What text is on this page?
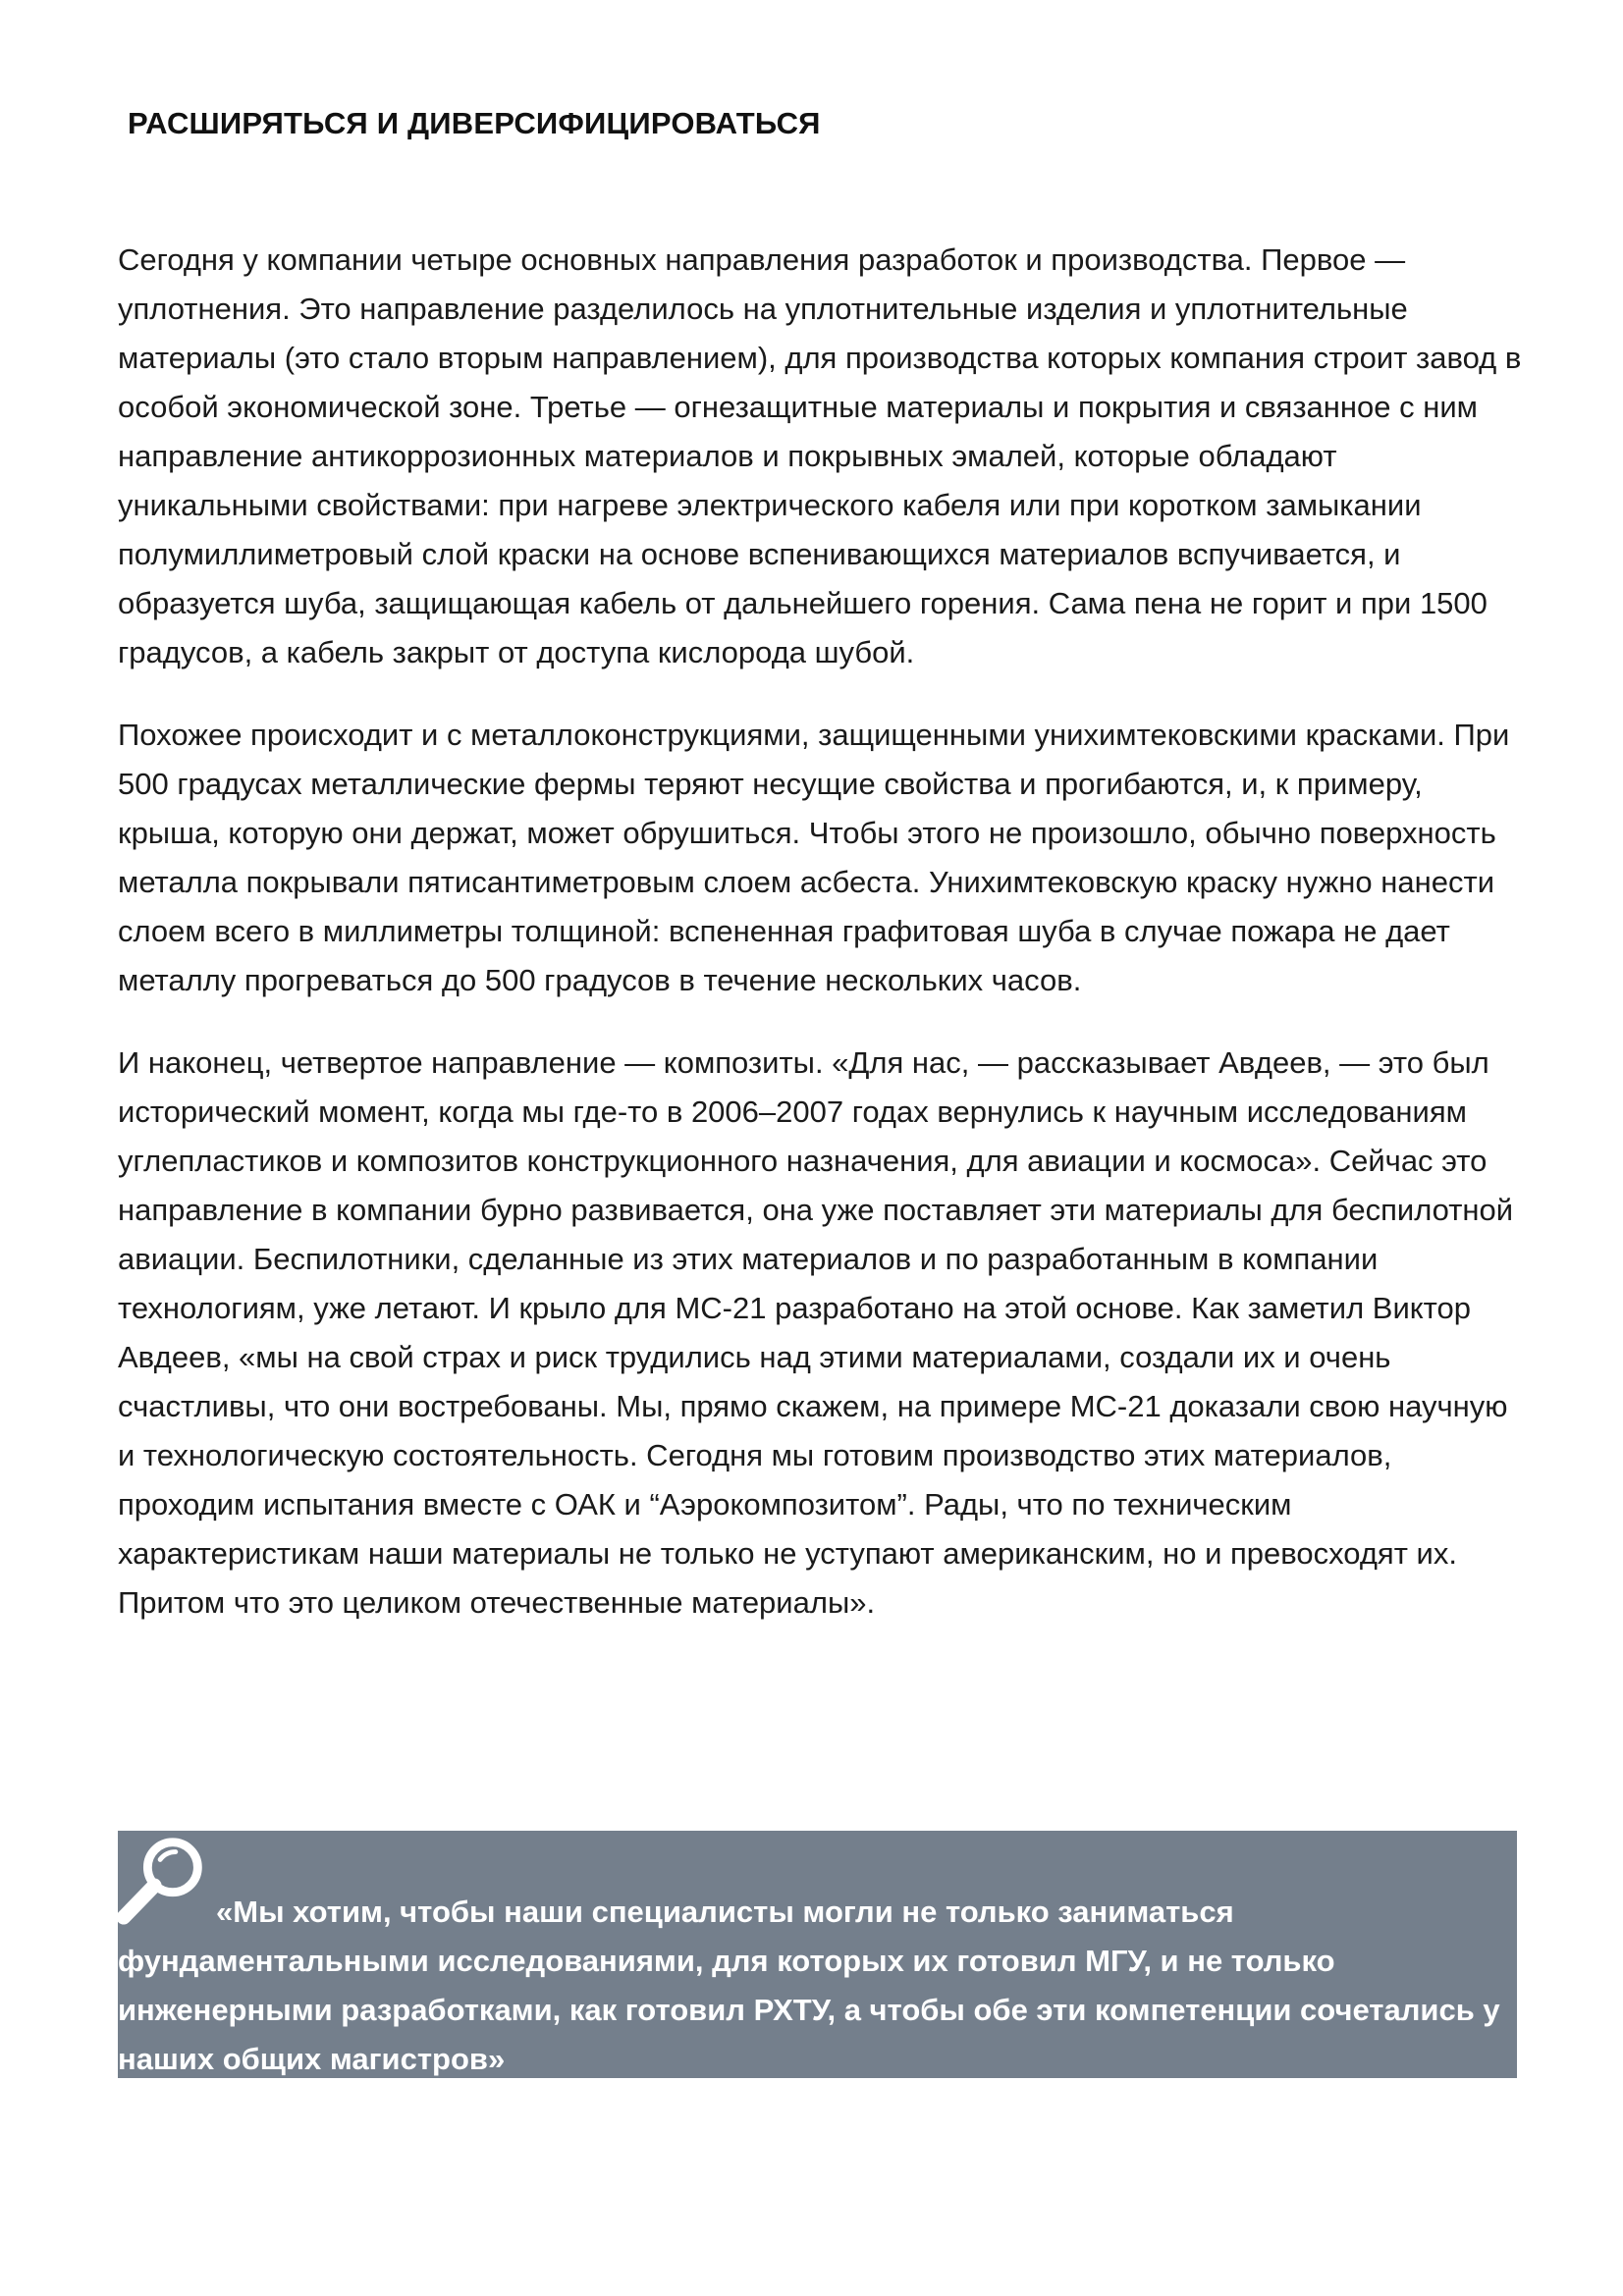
РАСШИРЯТЬСЯ И ДИВЕРСИФИЦИРОВАТЬСЯ

Сегодня у компании четыре основных направления разработок и производства. Первое — уплотнения. Это направление разделилось на уплотнительные изделия и уплотнительные материалы (это стало вторым направлением), для производства которых компания строит завод в особой экономической зоне. Третье — огнезащитные материалы и покрытия и связанное с ним направление антикоррозионных материалов и покрывных эмалей, которые обладают уникальными свойствами: при нагреве электрического кабеля или при коротком замыкании полумиллиметровый слой краски на основе вспенивающихся материалов вспучивается, и образуется шуба, защищающая кабель от дальнейшего горения. Сама пена не горит и при 1500 градусов, а кабель закрыт от доступа кислорода шубой.

Похожее происходит и с металлоконструкциями, защищенными унихимтековскими красками. При 500 градусах металлические фермы теряют несущие свойства и прогибаются, и, к примеру, крыша, которую они держат, может обрушиться. Чтобы этого не произошло, обычно поверхность металла покрывали пятисантиметровым слоем асбеста. Унихимтековскую краску нужно нанести слоем всего в миллиметры толщиной: вспененная графитовая шуба в случае пожара не дает металлу прогреваться до 500 градусов в течение нескольких часов.

И наконец, четвертое направление — композиты. «Для нас, — рассказывает Авдеев, — это был исторический момент, когда мы где-то в 2006–2007 годах вернулись к научным исследованиям углепластиков и композитов конструкционного назначения, для авиации и космоса». Сейчас это направление в компании бурно развивается, она уже поставляет эти материалы для беспилотной авиации. Беспилотники, сделанные из этих материалов и по разработанным в компании технологиям, уже летают. И крыло для МС-21 разработано на этой основе. Как заметил Виктор Авдеев, «мы на свой страх и риск трудились над этими материалами, создали их и очень счастливы, что они востребованы. Мы, прямо скажем, на примере МС-21 доказали свою научную и технологическую состоятельность. Сегодня мы готовим производство этих материалов, проходим испытания вместе с ОАК и “Аэрокомпозитом”. Рады, что по техническим характеристикам наши материалы не только не уступают американским, но и превосходят их. Притом что это целиком отечественные материалы».

«Мы хотим, чтобы наши специалисты могли не только заниматься фундаментальными исследованиями, для которых их готовил МГУ, и не только инженерными разработками, как готовил РХТУ, а чтобы обе эти компетенции сочетались у наших общих магистров»
